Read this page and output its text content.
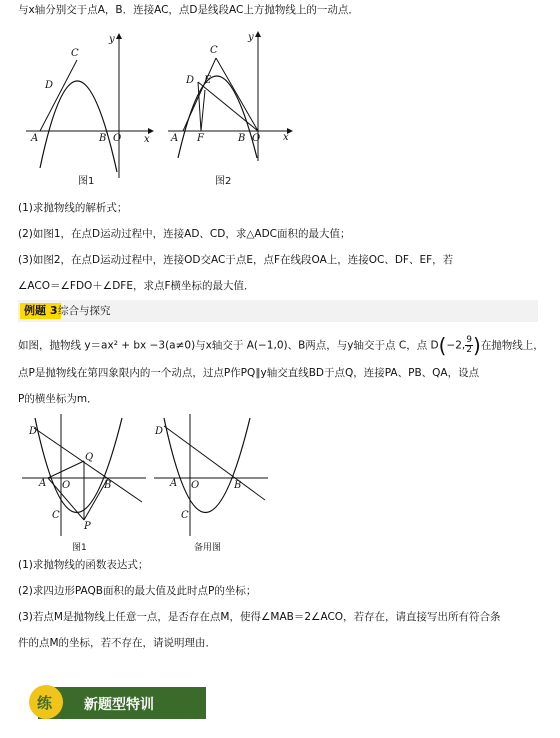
与x轴分别交于点A，B．连接AC，点D是线段AC上方抛物线上的一动点．
A	B O
C
D
x
y
图1
A F	B O
C
D E
x
y
图2
(1)求抛物线的解析式；
(2)如图1，在点D运动过程中，连接AD、CD，求△ADC面积的最大值；
(3)如图2，在点D运动过程中，连接OD交AC于点E，点F在线段OA上，连接OC、DF、EF，若
∠ACO＝∠FDO＋∠DFE，求点F横坐标的最大值．
例题 3 综合与探究
如图，抛物线 y＝ax² + bx −3(a≠0)与x轴交于 A(−1,0)、B两点，与y轴交于点 C，点 D(−2, $\frac{9}{2}$ )在抛物线上，
点P是抛物线在第四象限内的一个动点，过点P作PQ∥y轴交直线BD于点Q，连接PA、PB、QA，设点
P的横坐标为m．
D
Q
A O	B
C
P
图1
D
A O	B
C
备用图
(1)求抛物线的函数表达式；
(2)求四边形PAQB面积的最大值及此时点P的坐标；
(3)若点M是抛物线上任意一点，是否存在点M，使得∠MAB＝2∠ACO，若存在，请直接写出所有符合条
件的点M的坐标，若不存在，请说明理由．
练 新题型特训
